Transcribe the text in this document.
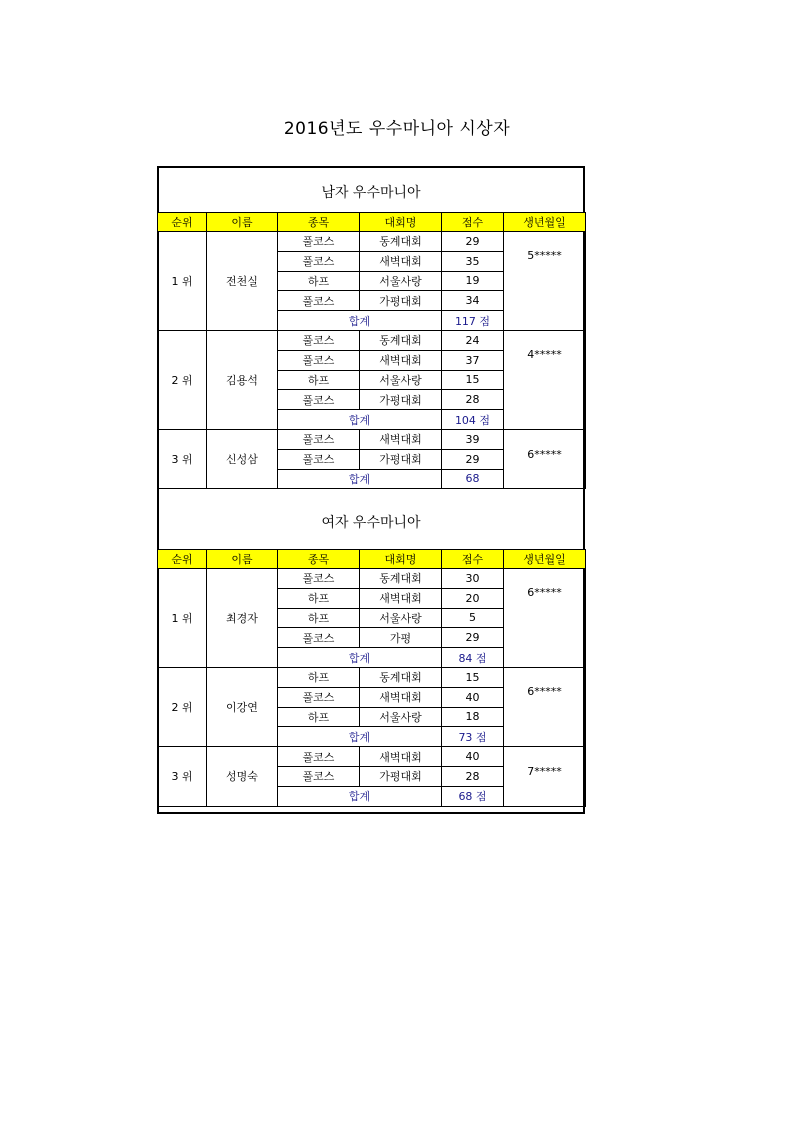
2016년도 우수마니아 시상자
남자 우수마니아
순위	이름	종목	대회명	점수	생년월일
1 위	전천실	풀코스	동계대회	29	5*****
		풀코스	새벽대회	35	
		하프	서울사랑	19	
		풀코스	가평대회	34	
		합계		117 점	
2 위	김용석	풀코스	동계대회	24	4*****
		풀코스	새벽대회	37	
		하프	서울사랑	15	
		풀코스	가평대회	28	
		합계		104 점	
3 위	신성삼	풀코스	새벽대회	39	6*****
		풀코스	가평대회	29	
		합계		68	
여자 우수마니아
순위	이름	종목	대회명	점수	생년월일
1 위	최경자	풀코스	동계대회	30	6*****
		하프	새벽대회	20	
		하프	서울사랑	5	
		풀코스	가평	29	
		합계		84 점	
2 위	이강연	하프	동계대회	15	6*****
		풀코스	새벽대회	40	
		하프	서울사랑	18	
		합계		73 점	
3 위	성명숙	풀코스	새벽대회	40	7*****
		풀코스	가평대회	28	
		합계		68 점	
